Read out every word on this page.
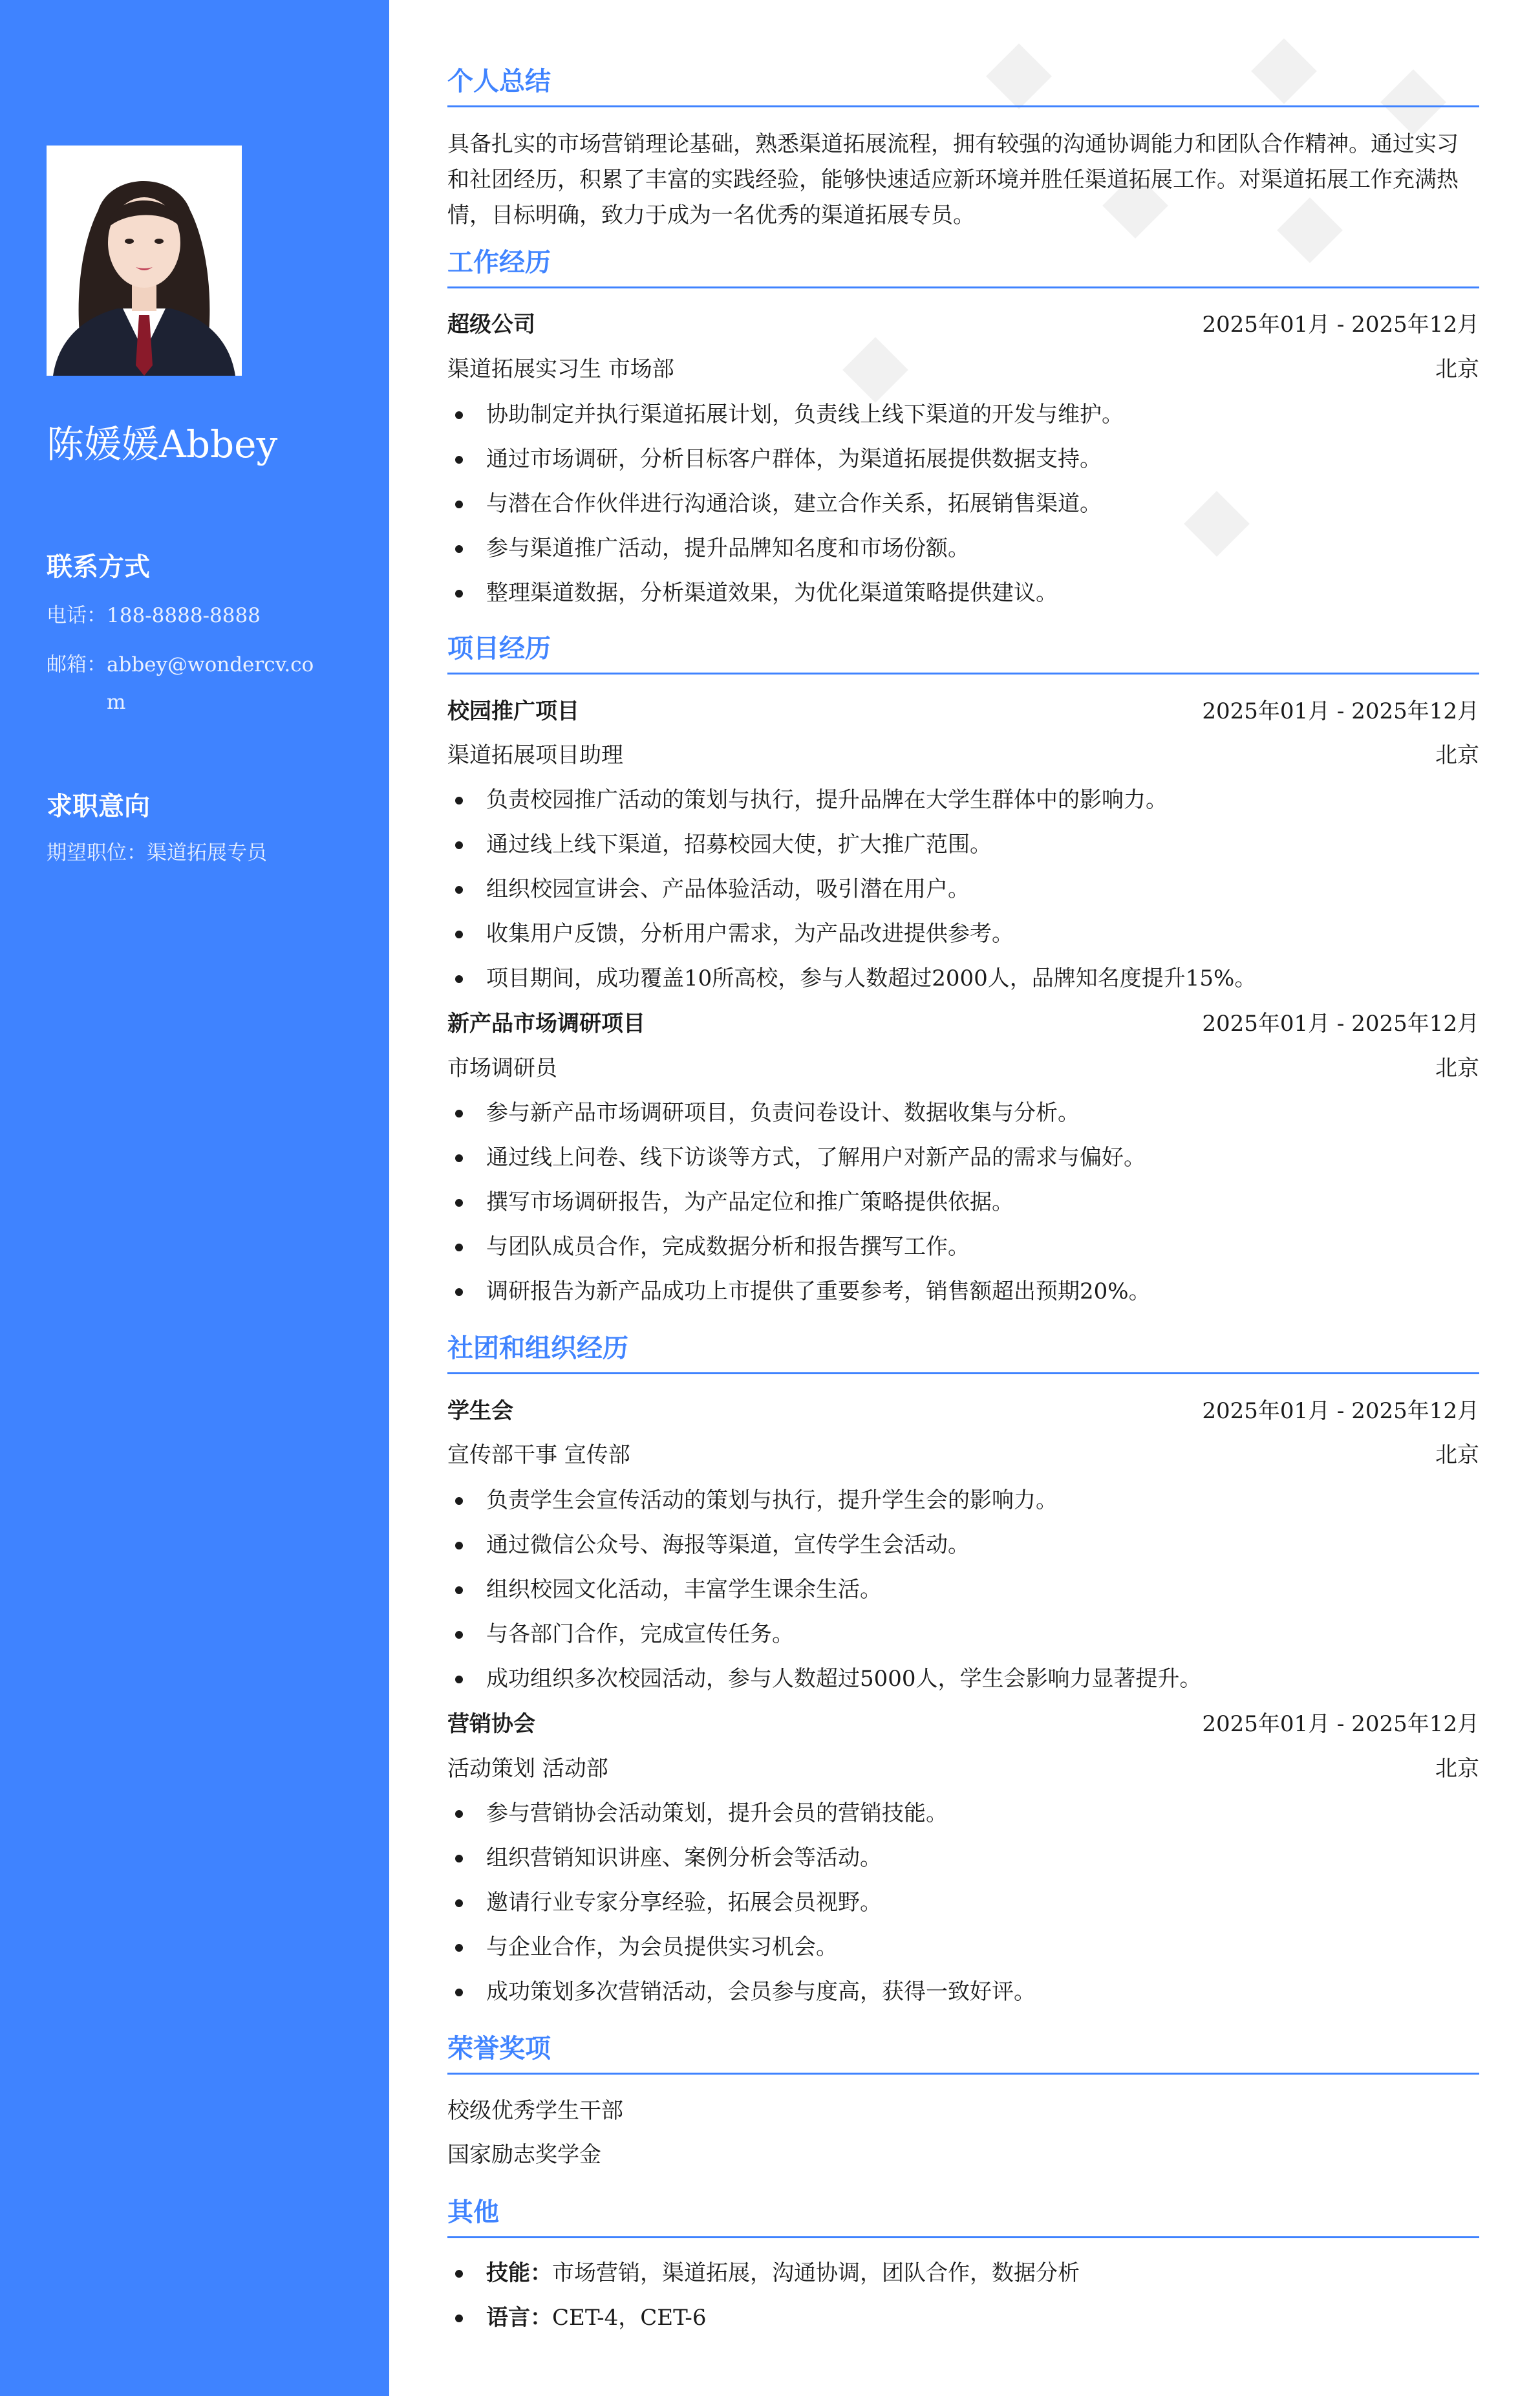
陈媛媛Abbey
联系方式
电话：188-8888-8888
邮箱： abbey@wondercv.com
求职意向
期望职位：渠道拓展专员
个人总结
具备扎实的市场营销理论基础，熟悉渠道拓展流程，拥有较强的沟通协调能力和团队合作精神。通过实习和社团经历，积累了丰富的实践经验，能够快速适应新环境并胜任渠道拓展工作。对渠道拓展工作充满热情，目标明确，致力于成为一名优秀的渠道拓展专员。
工作经历
超级公司	2025年01月 - 2025年12月
渠道拓展实习生 市场部	北京
协助制定并执行渠道拓展计划，负责线上线下渠道的开发与维护。
通过市场调研，分析目标客户群体，为渠道拓展提供数据支持。
与潜在合作伙伴进行沟通洽谈，建立合作关系，拓展销售渠道。
参与渠道推广活动，提升品牌知名度和市场份额。
整理渠道数据，分析渠道效果，为优化渠道策略提供建议。
项目经历
校园推广项目	2025年01月 - 2025年12月
渠道拓展项目助理	北京
负责校园推广活动的策划与执行，提升品牌在大学生群体中的影响力。
通过线上线下渠道，招募校园大使，扩大推广范围。
组织校园宣讲会、产品体验活动，吸引潜在用户。
收集用户反馈，分析用户需求，为产品改进提供参考。
项目期间，成功覆盖10所高校，参与人数超过2000人，品牌知名度提升15%。
新产品市场调研项目	2025年01月 - 2025年12月
市场调研员	北京
参与新产品市场调研项目，负责问卷设计、数据收集与分析。
通过线上问卷、线下访谈等方式，了解用户对新产品的需求与偏好。
撰写市场调研报告，为产品定位和推广策略提供依据。
与团队成员合作，完成数据分析和报告撰写工作。
调研报告为新产品成功上市提供了重要参考，销售额超出预期20%。
社团和组织经历
学生会	2025年01月 - 2025年12月
宣传部干事 宣传部	北京
负责学生会宣传活动的策划与执行，提升学生会的影响力。
通过微信公众号、海报等渠道，宣传学生会活动。
组织校园文化活动，丰富学生课余生活。
与各部门合作，完成宣传任务。
成功组织多次校园活动，参与人数超过5000人，学生会影响力显著提升。
营销协会	2025年01月 - 2025年12月
活动策划 活动部	北京
参与营销协会活动策划，提升会员的营销技能。
组织营销知识讲座、案例分析会等活动。
邀请行业专家分享经验，拓展会员视野。
与企业合作，为会员提供实习机会。
成功策划多次营销活动，会员参与度高，获得一致好评。
荣誉奖项
校级优秀学生干部
国家励志奖学金
其他
技能：市场营销，渠道拓展，沟通协调，团队合作，数据分析
语言：CET-4，CET-6
